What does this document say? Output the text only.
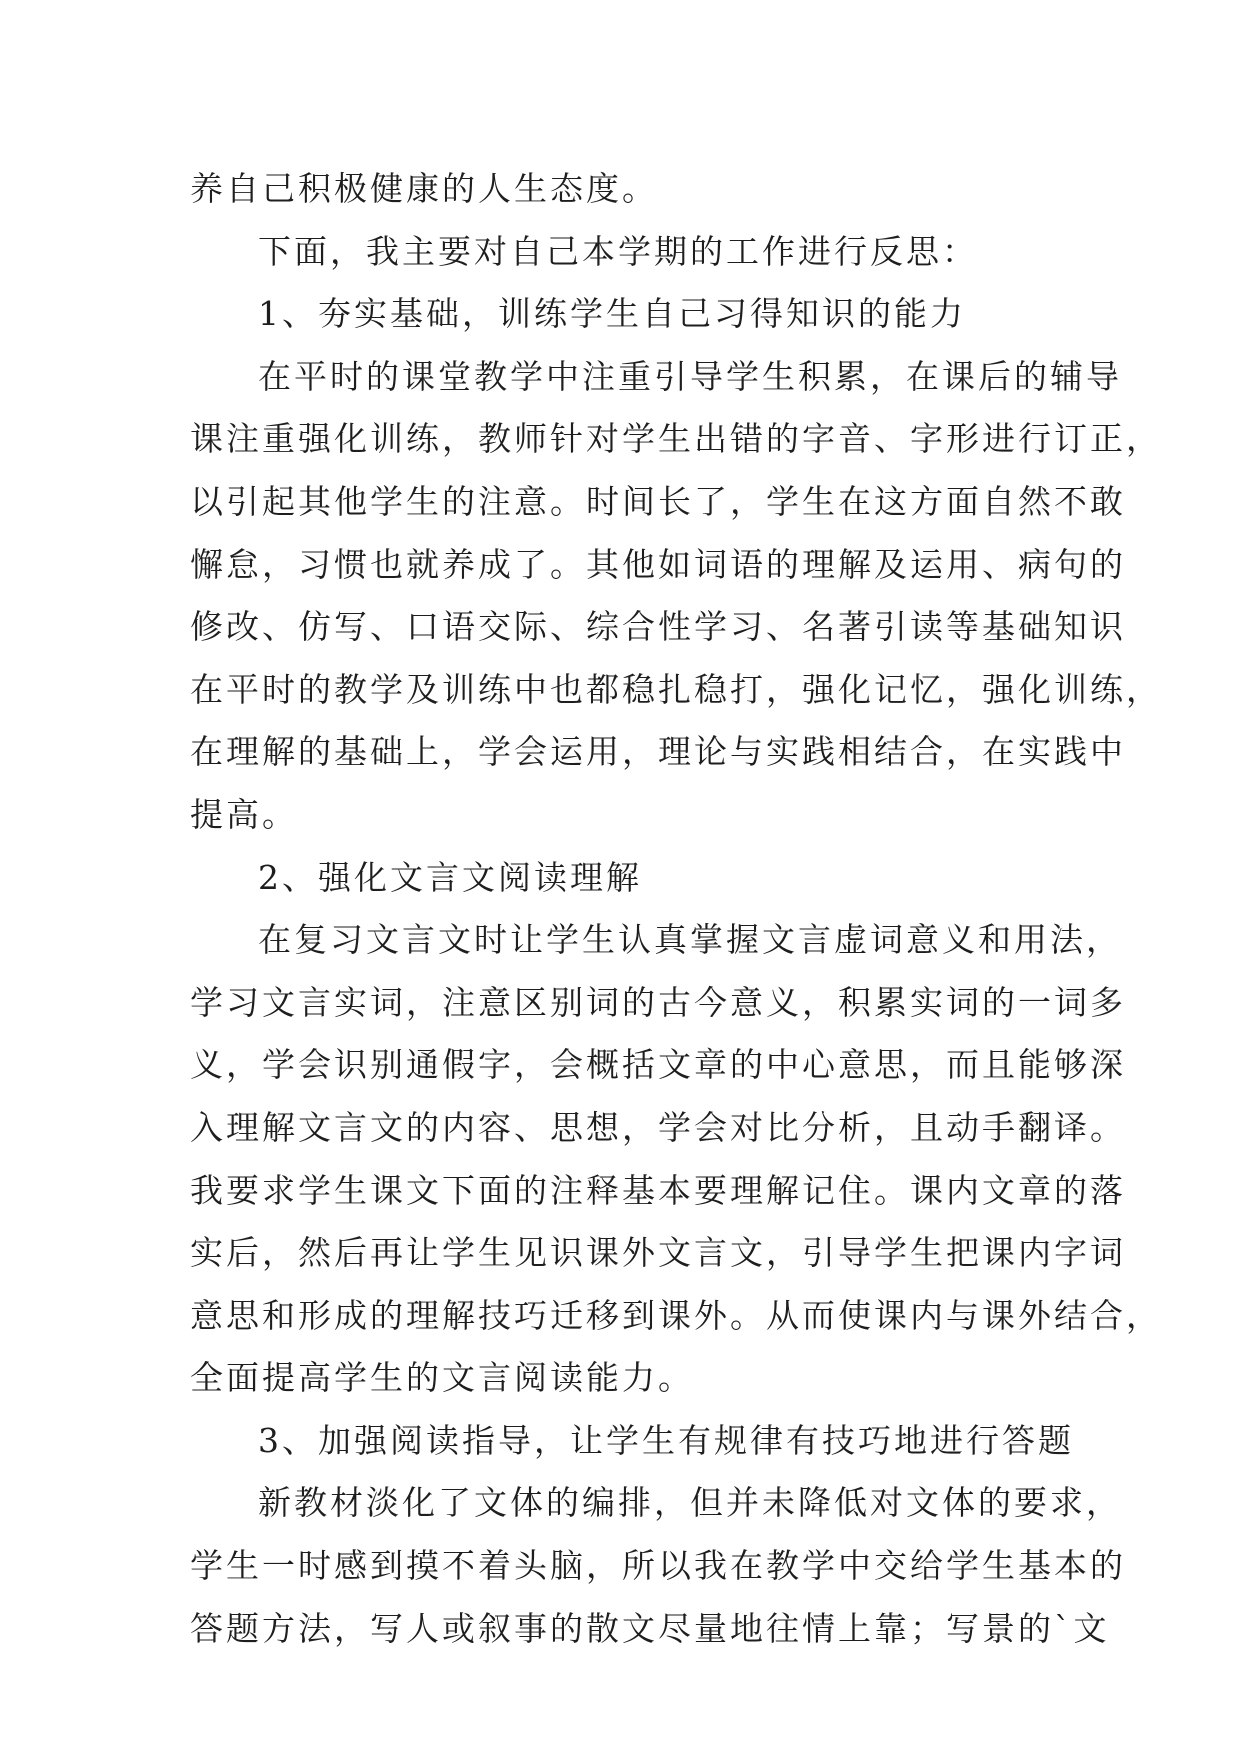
养自己积极健康的人生态度。
下面，我主要对自己本学期的工作进行反思：
1、夯实基础，训练学生自己习得知识的能力
在平时的课堂教学中注重引导学生积累，在课后的辅导
课注重强化训练，教师针对学生出错的字音、字形进行订正，
以引起其他学生的注意。时间长了，学生在这方面自然不敢
懈怠，习惯也就养成了。其他如词语的理解及运用、病句的
修改、仿写、口语交际、综合性学习、名著引读等基础知识
在平时的教学及训练中也都稳扎稳打，强化记忆，强化训练，
在理解的基础上，学会运用，理论与实践相结合，在实践中
提高。
2、强化文言文阅读理解
在复习文言文时让学生认真掌握文言虚词意义和用法，
学习文言实词，注意区别词的古今意义，积累实词的一词多
义，学会识别通假字，会概括文章的中心意思，而且能够深
入理解文言文的内容、思想，学会对比分析，且动手翻译。
我要求学生课文下面的注释基本要理解记住。课内文章的落
实后，然后再让学生见识课外文言文，引导学生把课内字词
意思和形成的理解技巧迁移到课外。从而使课内与课外结合，
全面提高学生的文言阅读能力。
3、加强阅读指导，让学生有规律有技巧地进行答题
新教材淡化了文体的编排，但并未降低对文体的要求，
学生一时感到摸不着头脑，所以我在教学中交给学生基本的
答题方法，写人或叙事的散文尽量地往情上靠；写景的`文
